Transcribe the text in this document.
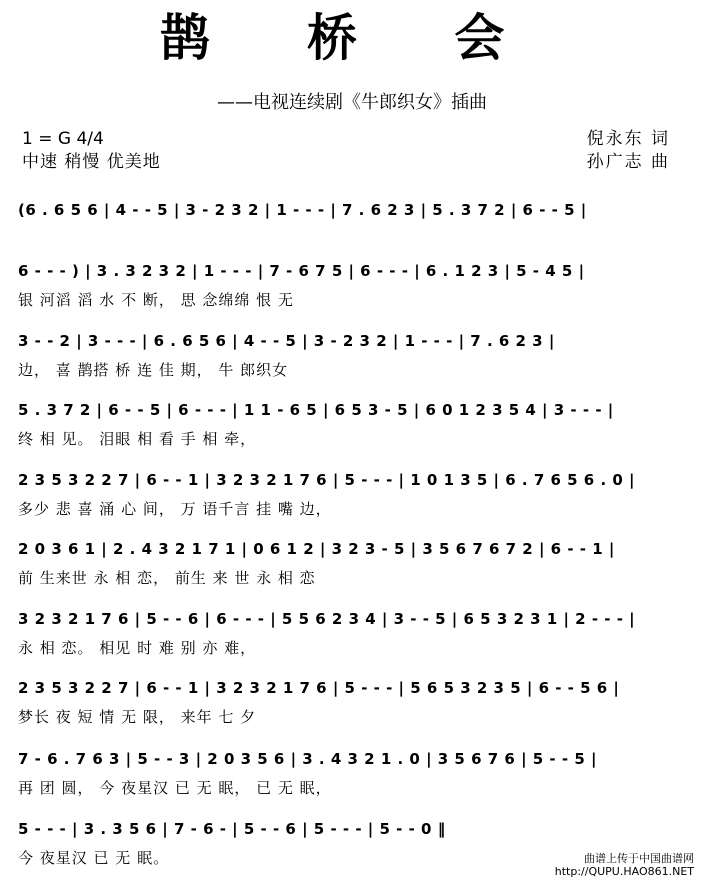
鹊 桥 会
——电视连续剧《牛郎织女》插曲
1 = G 4/4
中速 稍慢 优美地
倪永东 词
孙广志 曲
(6 . 6 5 6 | 4 - - 5 | 3 - 2 3 2 | 1 - - - | 7 . 6 2 3 | 5 . 3 7 2 | 6 - - 5 |
6 - - - ) | 3 . 3 2 3 2 | 1 - - - | 7 - 6 7 5 | 6 - - - | 6 . 1 2 3 | 5 - 4 5 |
银 河滔 滔 水 不 断， 思 念绵绵 恨 无
3 - - 2 | 3 - - - | 6 . 6 5 6 | 4 - - 5 | 3 - 2 3 2 | 1 - - - | 7 . 6 2 3 |
边， 喜 鹊搭 桥 连 佳 期， 牛 郎织女
5 . 3 7 2 | 6 - - 5 | 6 - - - | 1 1 - 6 5 | 6 5 3 - 5 | 6 0 1 2 3 5 4 | 3 - - - |
终 相 见。 泪眼 相 看 手 相 牵，
2 3 5 3 2 2 7 | 6 - - 1 | 3 2 3 2 1 7 6 | 5 - - - | 1 0 1 3 5 | 6 . 7 6 5 6 . 0 |
多少 悲 喜 涌 心 间， 万 语千言 挂 嘴 边，
2 0 3 6 1 | 2 . 4 3 2 1 7 1 | 0 6 1 2 | 3 2 3 - 5 | 3 5 6 7 6 7 2 | 6 - - 1 |
前 生来世 永 相 恋， 前生 来 世 永 相 恋
3 2 3 2 1 7 6 | 5 - - 6 | 6 - - - | 5 5 6 2 3 4 | 3 - - 5 | 6 5 3 2 3 1 | 2 - - - |
永 相 恋。 相见 时 难 别 亦 难，
2 3 5 3 2 2 7 | 6 - - 1 | 3 2 3 2 1 7 6 | 5 - - - | 5 6 5 3 2 3 5 | 6 - - 5 6 |
梦长 夜 短 情 无 限， 来年 七 夕
7 - 6 . 7 6 3 | 5 - - 3 | 2 0 3 5 6 | 3 . 4 3 2 1 . 0 | 3 5 6 7 6 | 5 - - 5 |
再 团 圆， 今 夜星汉 已 无 眠， 已 无 眠，
5 - - - | 3 . 3 5 6 | 7 - 6 - | 5 - - 6 | 5 - - - | 5 - - 0 ‖
今 夜星汉 已 无 眠。	曲谱上传于中国曲谱网
http://QUPU.HAO861.NET
